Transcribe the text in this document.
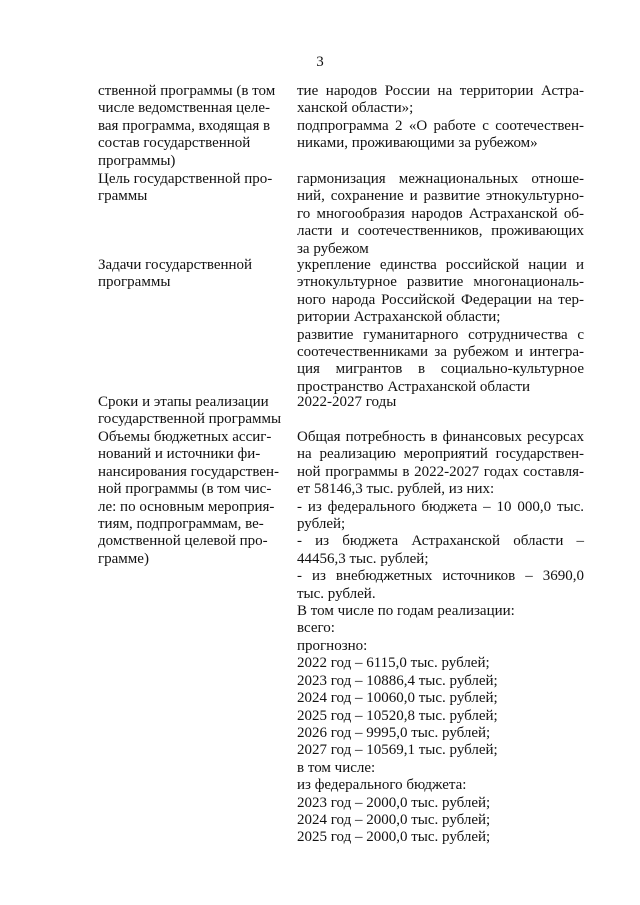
3
ственной программы (в том
числе ведомственная целе-
вая программа, входящая в
состав государственной
программы)
тие народов России на территории Астра-
ханской области»;
подпрограмма 2 «О работе с соотечествен-
никами, проживающими за рубежом»
Цель государственной про-
граммы
гармонизация межнациональных отноше-
ний, сохранение и развитие этнокультурно-
го многообразия народов Астраханской об-
ласти и соотечественников, проживающих
за рубежом
Задачи государственной
программы
укрепление единства российской нации и
этнокультурное развитие многонациональ-
ного народа Российской Федерации на тер-
ритории Астраханской области;
развитие гуманитарного сотрудничества с
соотечественниками за рубежом и интегра-
ция мигрантов в социально-культурное
пространство Астраханской области
Сроки и этапы реализации
государственной программы
2022-2027 годы
Объемы бюджетных ассиг-
нований и источники фи-
нансирования государствен-
ной программы (в том чис-
ле: по основным мероприя-
тиям, подпрограммам, ве-
домственной целевой про-
грамме)
Общая потребность в финансовых ресурсах
на реализацию мероприятий государствен-
ной программы в 2022-2027 годах составля-
ет 58146,3 тыс. рублей, из них:
- из федерального бюджета – 10 000,0 тыс.
рублей;
- из бюджета Астраханской области –
44456,3 тыс. рублей;
- из внебюджетных источников – 3690,0
тыс. рублей.
В том числе по годам реализации:
всего:
прогнозно:
2022 год – 6115,0 тыс. рублей;
2023 год – 10886,4 тыс. рублей;
2024 год – 10060,0 тыс. рублей;
2025 год – 10520,8 тыс. рублей;
2026 год – 9995,0 тыс. рублей;
2027 год – 10569,1 тыс. рублей;
в том числе:
из федерального бюджета:
2023 год – 2000,0 тыс. рублей;
2024 год – 2000,0 тыс. рублей;
2025 год – 2000,0 тыс. рублей;
